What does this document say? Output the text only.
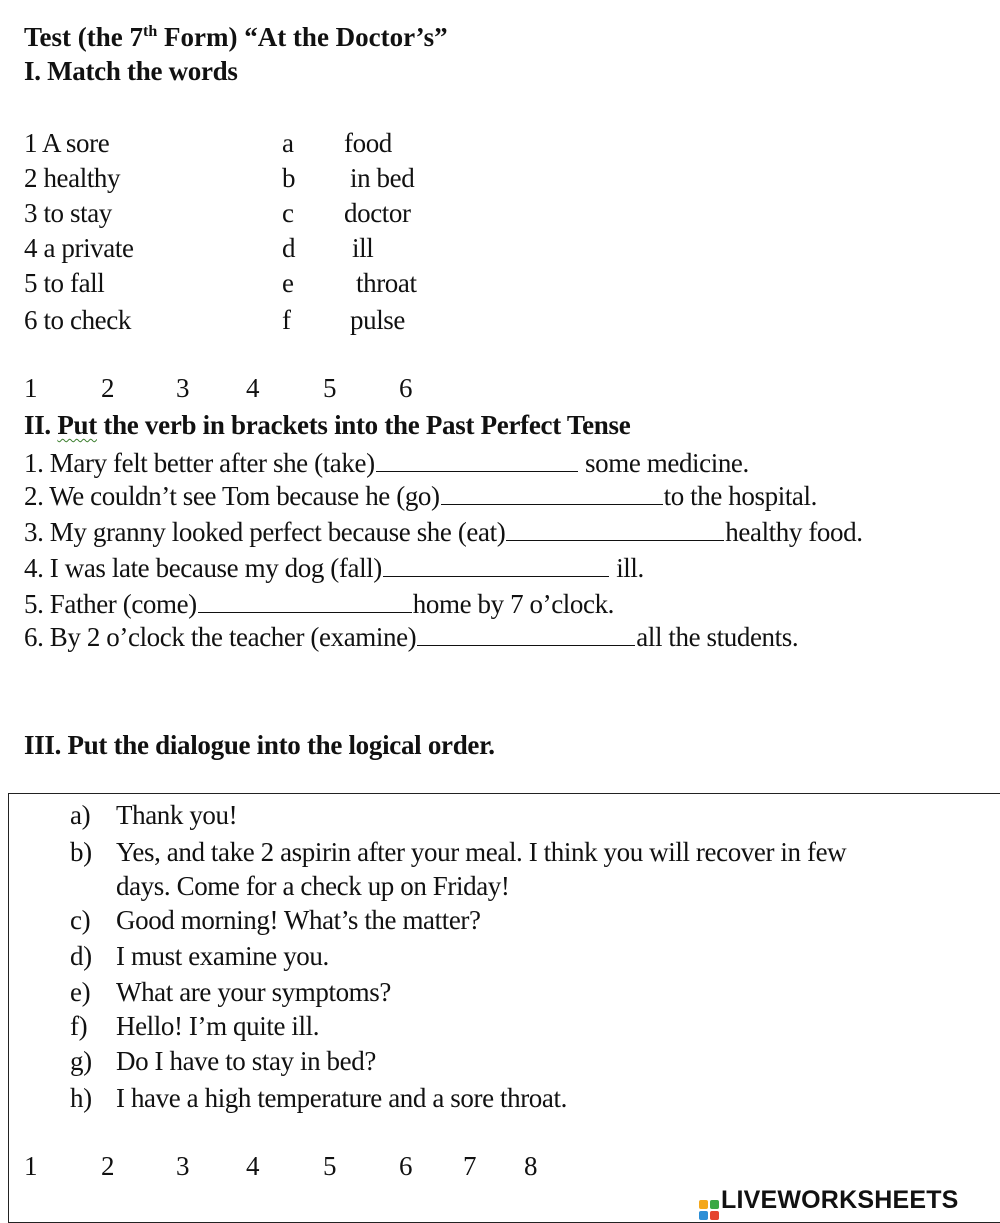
Test (the 7th Form) “At the Doctor’s”
I. Match the words
1 A sore	a food
2 healthy	b in bed
3 to stay	c doctor
4 a private	d ill
5 to fall	e throat
6 to check	f pulse
1 2 3 4 5 6
II. Put the verb in brackets into the Past Perfect Tense
1. Mary felt better after she (take)	some medicine.
2. We couldn’t see Tom because he (go)	to the hospital.
3. My granny looked perfect because she (eat)	healthy food.
4. I was late because my dog (fall)	ill.
5. Father (come)	home by 7 o’clock.
6. By 2 o’clock the teacher (examine)	all the students.
III. Put the dialogue into the logical order.
a) Thank you!
b) Yes, and take 2 aspirin after your meal. I think you will recover in few
days. Come for a check up on Friday!
c) Good morning! What’s the matter?
d) I must examine you.
e) What are your symptoms?
f) Hello! I’m quite ill.
g) Do I have to stay in bed?
h) I have a high temperature and a sore throat.
1 2 3 4 5 6 7 8
LIVEWORKSHEETS
